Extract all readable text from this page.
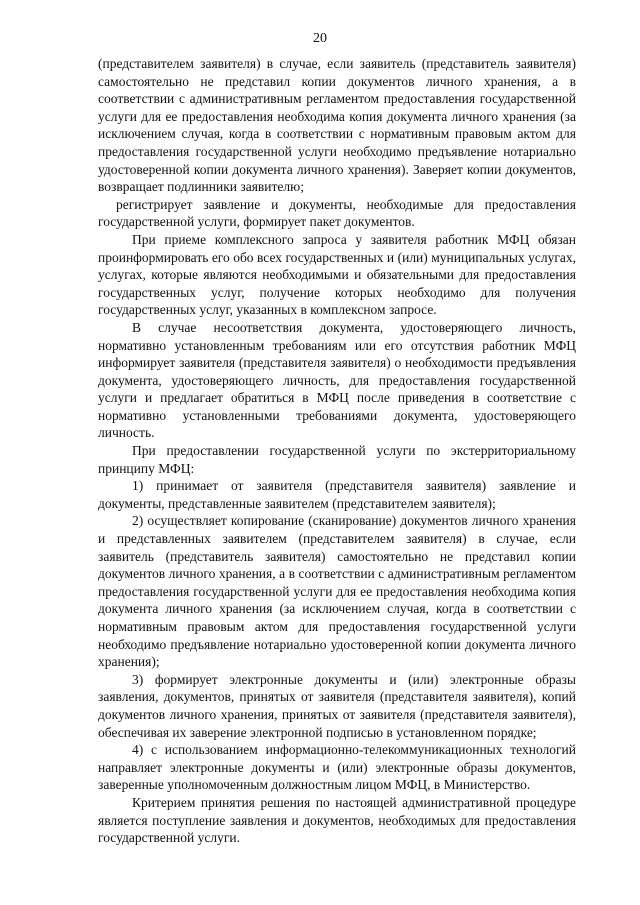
20

(представителем заявителя) в случае, если заявитель (представитель заявителя) самостоятельно не представил копии документов личного хранения, а в соответствии с административным регламентом предоставления государственной услуги для ее предоставления необходима копия документа личного хранения (за исключением случая, когда в соответствии с нормативным правовым актом для предоставления государственной услуги необходимо предъявление нотариально удостоверенной копии документа личного хранения). Заверяет копии документов, возвращает подлинники заявителю;

регистрирует заявление и документы, необходимые для предоставления государственной услуги, формирует пакет документов.

При приеме комплексного запроса у заявителя работник МФЦ обязан проинформировать его обо всех государственных и (или) муниципальных услугах, услугах, которые являются необходимыми и обязательными для предоставления государственных услуг, получение которых необходимо для получения государственных услуг, указанных в комплексном запросе.

В случае несоответствия документа, удостоверяющего личность, нормативно установленным требованиям или его отсутствия работник МФЦ информирует заявителя (представителя заявителя) о необходимости предъявления документа, удостоверяющего личность, для предоставления государственной услуги и предлагает обратиться в МФЦ после приведения в соответствие с нормативно установленными требованиями документа, удостоверяющего личность.

При предоставлении государственной услуги по экстерриториальному принципу МФЦ:

1) принимает от заявителя (представителя заявителя) заявление и документы, представленные заявителем (представителем заявителя);

2) осуществляет копирование (сканирование) документов личного хранения и представленных заявителем (представителем заявителя) в случае, если заявитель (представитель заявителя) самостоятельно не представил копии документов личного хранения, а в соответствии с административным регламентом предоставления государственной услуги для ее предоставления необходима копия документа личного хранения (за исключением случая, когда в соответствии с нормативным правовым актом для предоставления государственной услуги необходимо предъявление нотариально удостоверенной копии документа личного хранения);

3) формирует электронные документы и (или) электронные образы заявления, документов, принятых от заявителя (представителя заявителя), копий документов личного хранения, принятых от заявителя (представителя заявителя), обеспечивая их заверение электронной подписью в установленном порядке;

4) с использованием информационно-телекоммуникационных технологий направляет электронные документы и (или) электронные образы документов, заверенные уполномоченным должностным лицом МФЦ, в Министерство.

Критерием принятия решения по настоящей административной процедуре является поступление заявления и документов, необходимых для предоставления государственной услуги.
